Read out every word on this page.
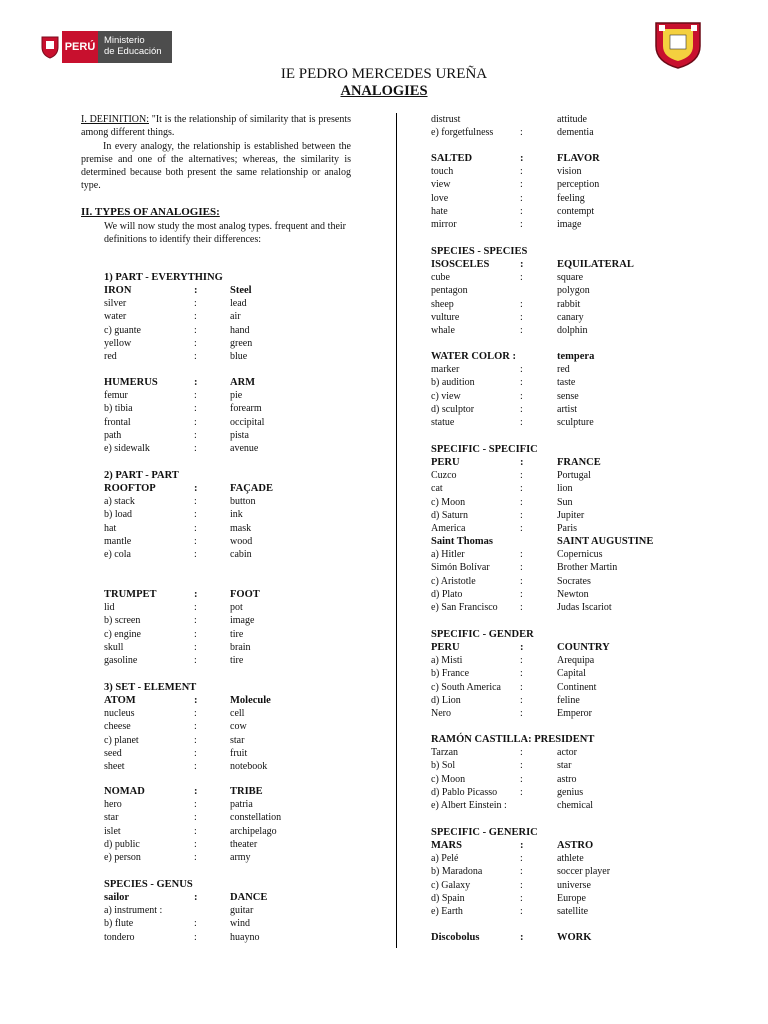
PERÚ
Ministerio
de Educación
IE PEDRO MERCEDES UREÑA
ANALOGIES
I. DEFINITION: "It is the relationship of similarity that is presents among different things.
In every analogy, the relationship is established between the premise and one of the alternatives; whereas, the similarity is determined because both present the same relationship or analog type.
II. TYPES OF ANALOGIES:
We will now study the most analog types. frequent and their definitions to identify their differences:
1) PART - EVERYTHING
IRON	:	Steel
silver	:	lead
water	:	air
c) guante	:	hand
yellow	:	green
red	:	blue
HUMERUS	:	ARM
femur	:	pie
b) tibia	:	forearm
frontal	:	occipital
path	:	pista
e) sidewalk	:	avenue
2) PART - PART
ROOFTOP	:	FAÇADE
a) stack	:	button
b) load	:	ink
hat	:	mask
mantle	:	wood
e) cola	:	cabin
TRUMPET	:	FOOT
lid	:	pot
b) screen	:	image
c) engine	:	tire
skull	:	brain
gasoline	:	tire
3) SET - ELEMENT
ATOM	:	Molecule
nucleus	:	cell
cheese	:	cow
c) planet	:	star
seed	:	fruit
sheet	:	notebook
NOMAD	:	TRIBE
hero	:	patria
star	:	constellation
islet	:	archipelago
d) public	:	theater
e) person	:	army
SPECIES - GENUS
sailor	:	DANCE
a) instrument :	guitar
b) flute	:	wind
tondero	:	huayno
distrust	attitude
e) forgetfulness	:	dementia
SALTED	:	FLAVOR
touch	:	vision
view	:	perception
love	:	feeling
hate	:	contempt
mirror	:	image
SPECIES - SPECIES
ISOSCELES	:	EQUILATERAL
cube	:	square
pentagon	polygon
sheep	:	rabbit
vulture	:	canary
whale	:	dolphin
WATER COLOR :	tempera
marker	:	red
b) audition	:	taste
c) view	:	sense
d) sculptor	:	artist
statue	:	sculpture
SPECIFIC - SPECIFIC
PERU	:	FRANCE
Cuzco	:	Portugal
cat	:	lion
c) Moon	:	Sun
d) Saturn	:	Jupiter
America	:	Paris
Saint Thomas	SAINT AUGUSTINE
a) Hitler	:	Copernicus
Simón Bolívar	:	Brother Martin
c) Aristotle	:	Socrates
d) Plato	:	Newton
e) San Francisco :	Judas Iscariot
SPECIFIC - GENDER
PERU	:	COUNTRY
a) Misti	:	Arequipa
b) France	:	Capital
c) South America :	Continent
d) Lion	:	feline
Nero	:	Emperor
RAMÓN CASTILLA: PRESIDENT
Tarzan	:	actor
b) Sol	:	star
c) Moon	:	astro
d) Pablo Picasso :	genius
e) Albert Einstein :	chemical
SPECIFIC - GENERIC
MARS	:	ASTRO
a) Pelé	:	athlete
b) Maradona	:	soccer player
c) Galaxy	:	universe
d) Spain	:	Europe
e) Earth	:	satellite
Discobolus	:	WORK
